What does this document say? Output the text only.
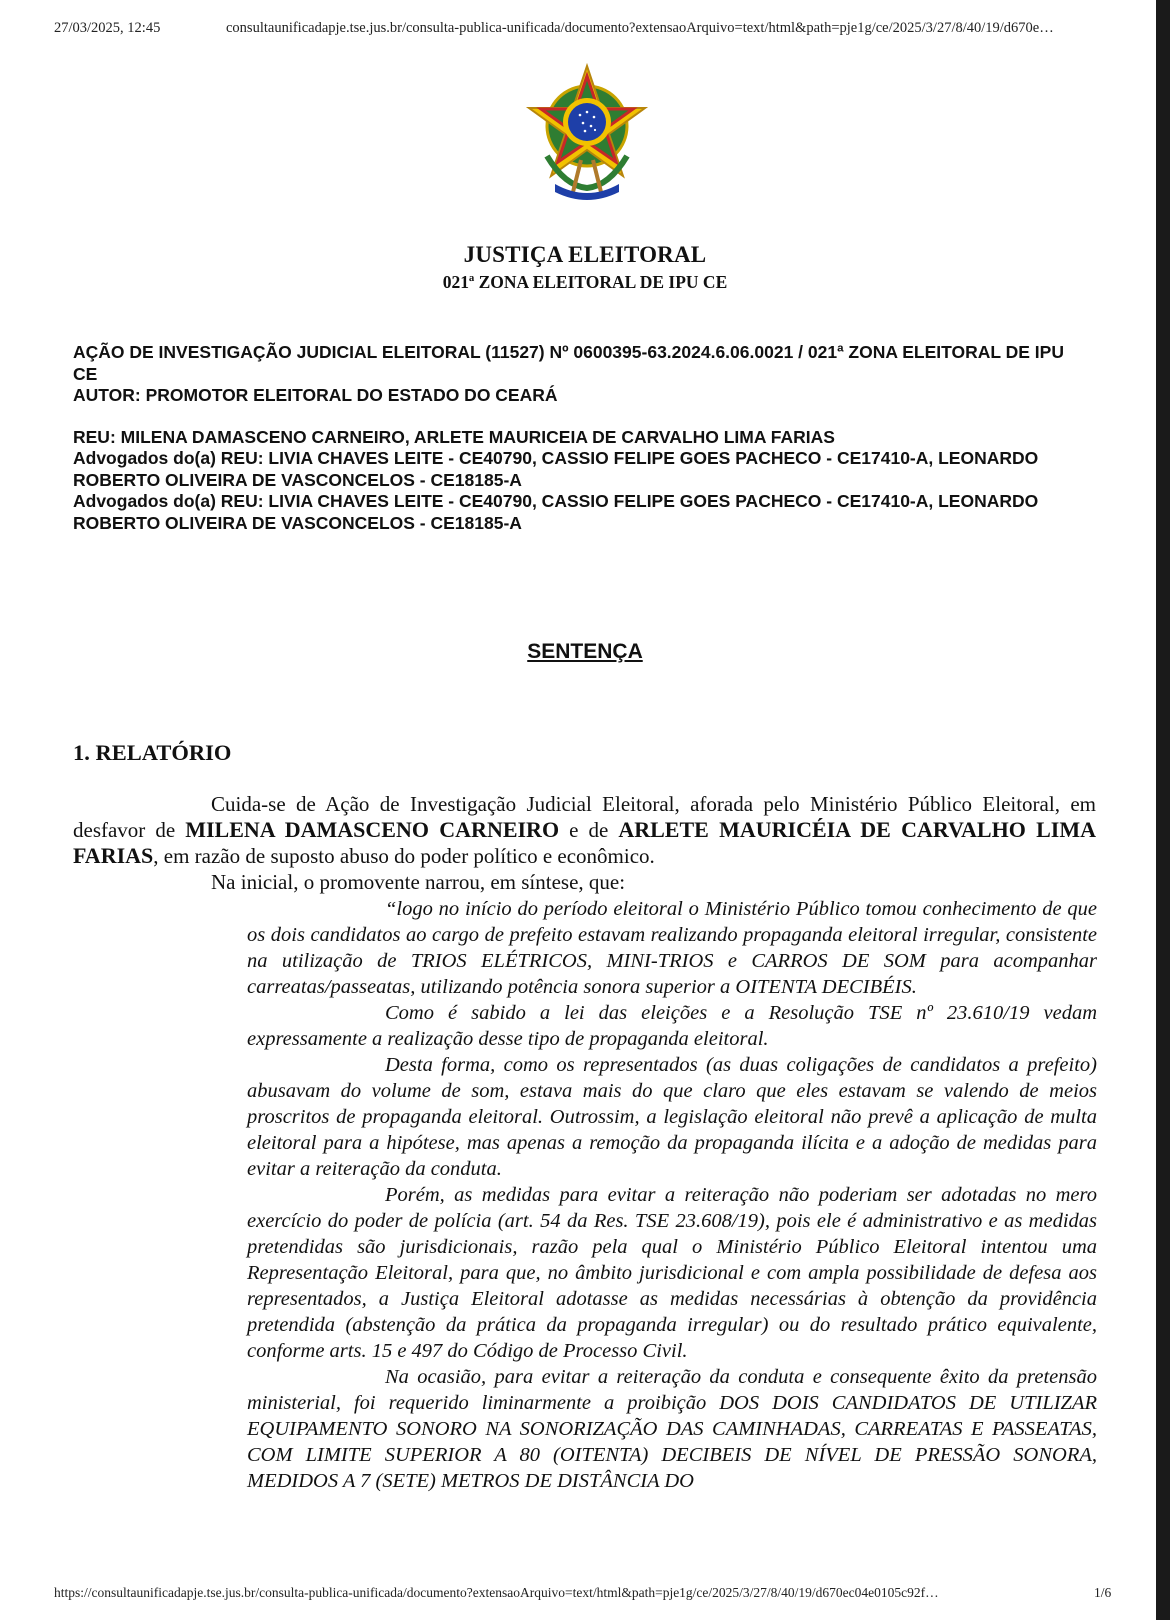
27/03/2025, 12:45	consultaunificadapje.tse.jus.br/consulta-publica-unificada/documento?extensaoArquivo=text/html&path=pje1g/ce/2025/3/27/8/40/19/d670e…
JUSTIÇA ELEITORAL
021ª ZONA ELEITORAL DE IPU CE

AÇÃO DE INVESTIGAÇÃO JUDICIAL ELEITORAL (11527) Nº 0600395-63.2024.6.06.0021 / 021ª ZONA ELEITORAL DE IPU CE

AUTOR: PROMOTOR ELEITORAL DO ESTADO DO CEARÁ

REU: MILENA DAMASCENO CARNEIRO, ARLETE MAURICEIA DE CARVALHO LIMA FARIAS

Advogados do(a) REU: LIVIA CHAVES LEITE - CE40790, CASSIO FELIPE GOES PACHECO - CE17410-A, LEONARDO ROBERTO OLIVEIRA DE VASCONCELOS - CE18185-A

Advogados do(a) REU: LIVIA CHAVES LEITE - CE40790, CASSIO FELIPE GOES PACHECO - CE17410-A, LEONARDO ROBERTO OLIVEIRA DE VASCONCELOS - CE18185-A

SENTENÇA
1. RELATÓRIO

Cuida-se de Ação de Investigação Judicial Eleitoral, aforada pelo Ministério Público Eleitoral, em desfavor de MILENA DAMASCENO CARNEIRO e de ARLETE MAURICÉIA DE CARVALHO LIMA FARIAS, em razão de suposto abuso do poder político e econômico.

Na inicial, o promovente narrou, em síntese, que:

“logo no início do período eleitoral o Ministério Público tomou conhecimento de que os dois candidatos ao cargo de prefeito estavam realizando propaganda eleitoral irregular, consistente na utilização de TRIOS ELÉTRICOS, MINI-TRIOS e CARROS DE SOM para acompanhar carreatas/passeatas, utilizando potência sonora superior a OITENTA DECIBÉIS.

Como é sabido a lei das eleições e a Resolução TSE nº 23.610/19 vedam expressamente a realização desse tipo de propaganda eleitoral.

Desta forma, como os representados (as duas coligações de candidatos a prefeito) abusavam do volume de som, estava mais do que claro que eles estavam se valendo de meios proscritos de propaganda eleitoral. Outrossim, a legislação eleitoral não prevê a aplicação de multa eleitoral para a hipótese, mas apenas a remoção da propaganda ilícita e a adoção de medidas para evitar a reiteração da conduta.

Porém, as medidas para evitar a reiteração não poderiam ser adotadas no mero exercício do poder de polícia (art. 54 da Res. TSE 23.608/19), pois ele é administrativo e as medidas pretendidas são jurisdicionais, razão pela qual o Ministério Público Eleitoral intentou uma Representação Eleitoral, para que, no âmbito jurisdicional e com ampla possibilidade de defesa aos representados, a Justiça Eleitoral adotasse as medidas necessárias à obtenção da providência pretendida (abstenção da prática da propaganda irregular) ou do resultado prático equivalente, conforme arts. 15 e 497 do Código de Processo Civil.

Na ocasião, para evitar a reiteração da conduta e consequente êxito da pretensão ministerial, foi requerido liminarmente a proibição DOS DOIS CANDIDATOS DE UTILIZAR EQUIPAMENTO SONORO NA SONORIZAÇÃO DAS CAMINHADAS, CARREATAS E PASSEATAS, COM LIMITE SUPERIOR A 80 (OITENTA) DECIBEIS DE NÍVEL DE PRESSÃO SONORA, MEDIDOS A 7 (SETE) METROS DE DISTÂNCIA DO

https://consultaunificadapje.tse.jus.br/consulta-publica-unificada/documento?extensaoArquivo=text/html&path=pje1g/ce/2025/3/27/8/40/19/d670ec04e0105c92f…	1/6
